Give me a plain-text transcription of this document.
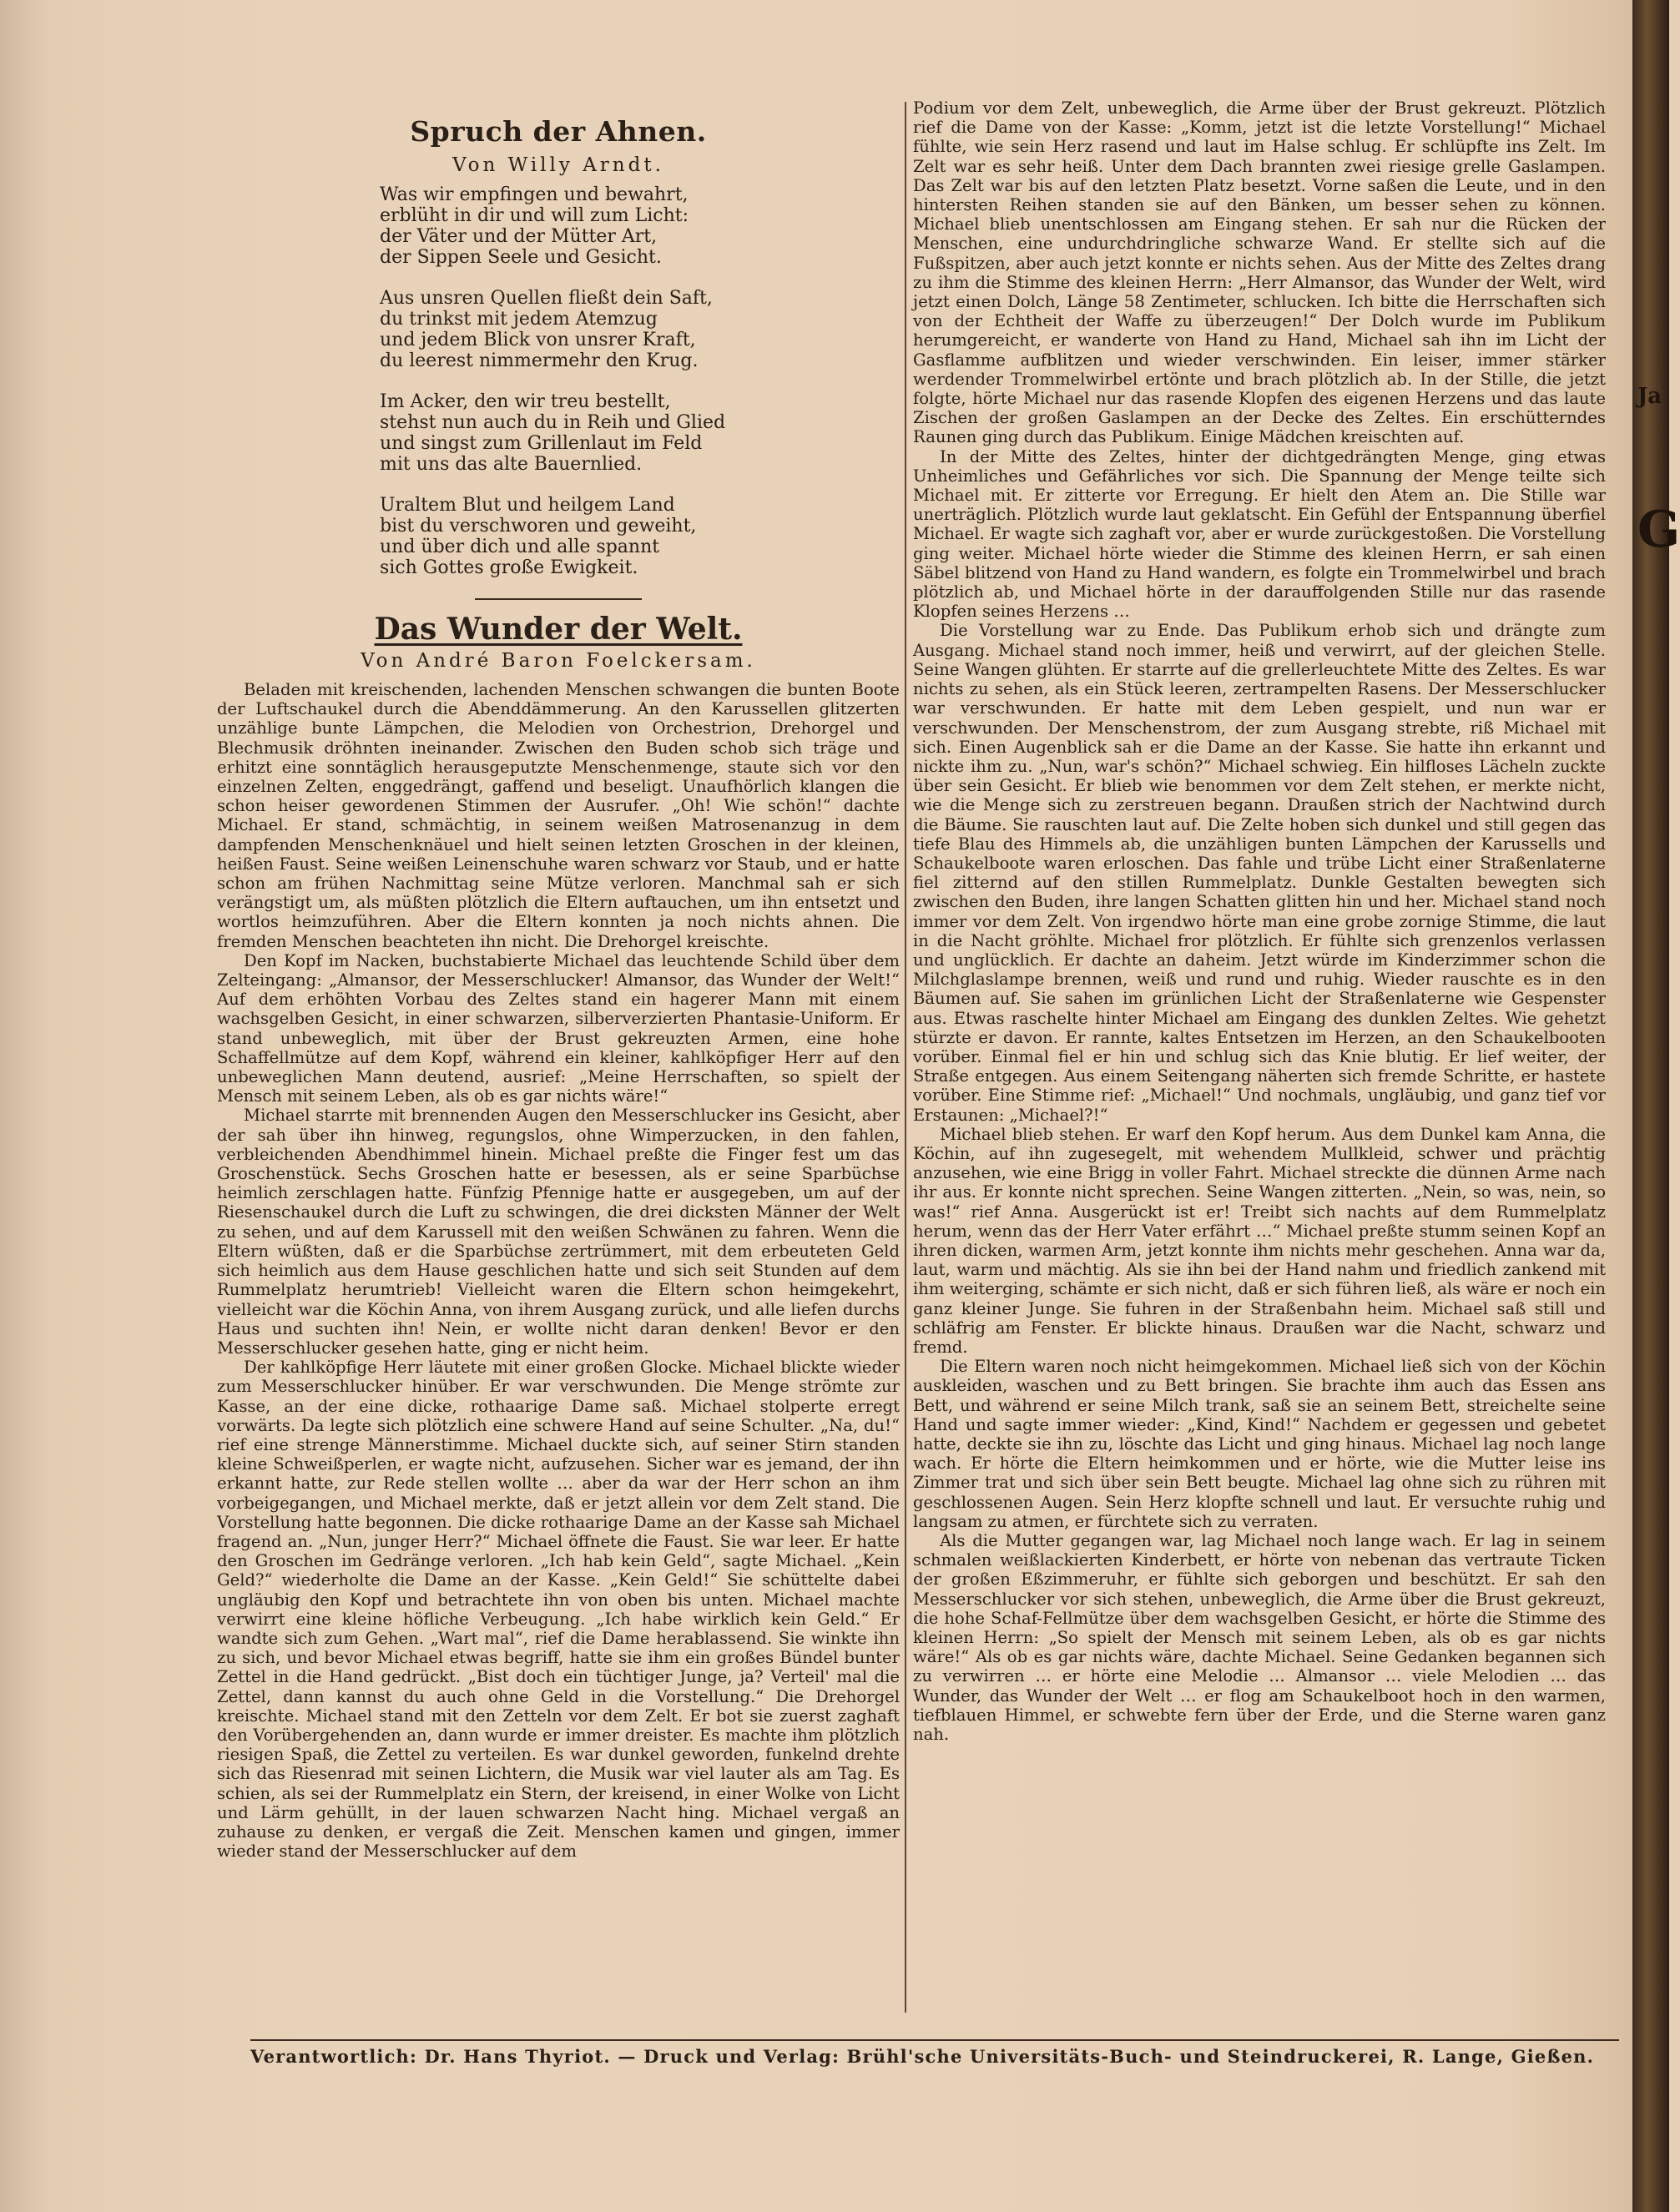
Spruch der Ahnen.
Von Willy Arndt.
Was wir empfingen und bewahrt,
erblüht in dir und will zum Licht:
der Väter und der Mütter Art,
der Sippen Seele und Gesicht.
Aus unsren Quellen fließt dein Saft,
du trinkst mit jedem Atemzug
und jedem Blick von unsrer Kraft,
du leerest nimmermehr den Krug.
Im Acker, den wir treu bestellt,
stehst nun auch du in Reih und Glied
und singst zum Grillenlaut im Feld
mit uns das alte Bauernlied.
Uraltem Blut und heilgem Land
bist du verschworen und geweiht,
und über dich und alle spannt
sich Gottes große Ewigkeit.
Das Wunder der Welt.
Von André Baron Foelckersam.

Beladen mit kreischenden, lachenden Menschen schwangen die bunten Boote der Luftschaukel durch die Abenddämmerung. An den Karussellen glitzerten unzählige bunte Lämpchen, die Melodien von Orchestrion, Drehorgel und Blechmusik dröhnten ineinander. Zwischen den Buden schob sich träge und erhitzt eine sonntäglich herausgeputzte Menschenmenge, staute sich vor den einzelnen Zelten, enggedrängt, gaffend und beseligt. Unaufhörlich klangen die schon heiser gewordenen Stimmen der Ausrufer. „Oh! Wie schön!“ dachte Michael. Er stand, schmächtig, in seinem weißen Matrosenanzug in dem dampfenden Menschenknäuel und hielt seinen letzten Groschen in der kleinen, heißen Faust. Seine weißen Leinenschuhe waren schwarz vor Staub, und er hatte schon am frühen Nachmittag seine Mütze verloren. Manchmal sah er sich verängstigt um, als müßten plötzlich die Eltern auftauchen, um ihn entsetzt und wortlos heimzuführen. Aber die Eltern konnten ja noch nichts ahnen. Die fremden Menschen beachteten ihn nicht. Die Drehorgel kreischte.

Den Kopf im Nacken, buchstabierte Michael das leuchtende Schild über dem Zelteingang: „Almansor, der Messerschlucker! Almansor, das Wunder der Welt!“ Auf dem erhöhten Vorbau des Zeltes stand ein hagerer Mann mit einem wachsgelben Gesicht, in einer schwarzen, silberverzierten Phantasie-Uniform. Er stand unbeweglich, mit über der Brust gekreuzten Armen, eine hohe Schaffellmütze auf dem Kopf, während ein kleiner, kahlköpfiger Herr auf den unbeweglichen Mann deutend, ausrief: „Meine Herrschaften, so spielt der Mensch mit seinem Leben, als ob es gar nichts wäre!“

Michael starrte mit brennenden Augen den Messerschlucker ins Gesicht, aber der sah über ihn hinweg, regungslos, ohne Wimperzucken, in den fahlen, verbleichenden Abendhimmel hinein. Michael preßte die Finger fest um das Groschenstück. Sechs Groschen hatte er besessen, als er seine Sparbüchse heimlich zerschlagen hatte. Fünfzig Pfennige hatte er ausgegeben, um auf der Riesenschaukel durch die Luft zu schwingen, die drei dicksten Männer der Welt zu sehen, und auf dem Karussell mit den weißen Schwänen zu fahren. Wenn die Eltern wüßten, daß er die Sparbüchse zertrümmert, mit dem erbeuteten Geld sich heimlich aus dem Hause geschlichen hatte und sich seit Stunden auf dem Rummelplatz herumtrieb! Vielleicht waren die Eltern schon heimgekehrt, vielleicht war die Köchin Anna, von ihrem Ausgang zurück, und alle liefen durchs Haus und suchten ihn! Nein, er wollte nicht daran denken! Bevor er den Messerschlucker gesehen hatte, ging er nicht heim.

Der kahlköpfige Herr läutete mit einer großen Glocke. Michael blickte wieder zum Messerschlucker hinüber. Er war verschwunden. Die Menge strömte zur Kasse, an der eine dicke, rothaarige Dame saß. Michael stolperte erregt vorwärts. Da legte sich plötzlich eine schwere Hand auf seine Schulter. „Na, du!“ rief eine strenge Männerstimme. Michael duckte sich, auf seiner Stirn standen kleine Schweißperlen, er wagte nicht, aufzusehen. Sicher war es jemand, der ihn erkannt hatte, zur Rede stellen wollte … aber da war der Herr schon an ihm vorbeigegangen, und Michael merkte, daß er jetzt allein vor dem Zelt stand. Die Vorstellung hatte begonnen. Die dicke rothaarige Dame an der Kasse sah Michael fragend an. „Nun, junger Herr?“ Michael öffnete die Faust. Sie war leer. Er hatte den Groschen im Gedränge verloren. „Ich hab kein Geld“, sagte Michael. „Kein Geld?“ wiederholte die Dame an der Kasse. „Kein Geld!“ Sie schüttelte dabei ungläubig den Kopf und betrachtete ihn von oben bis unten. Michael machte verwirrt eine kleine höfliche Verbeugung. „Ich habe wirklich kein Geld.“ Er wandte sich zum Gehen. „Wart mal“, rief die Dame herablassend. Sie winkte ihn zu sich, und bevor Michael etwas begriff, hatte sie ihm ein großes Bündel bunter Zettel in die Hand gedrückt. „Bist doch ein tüchtiger Junge, ja? Verteil' mal die Zettel, dann kannst du auch ohne Geld in die Vorstellung.“ Die Drehorgel kreischte. Michael stand mit den Zetteln vor dem Zelt. Er bot sie zuerst zaghaft den Vorübergehenden an, dann wurde er immer dreister. Es machte ihm plötzlich riesigen Spaß, die Zettel zu verteilen. Es war dunkel geworden, funkelnd drehte sich das Riesenrad mit seinen Lichtern, die Musik war viel lauter als am Tag. Es schien, als sei der Rummelplatz ein Stern, der kreisend, in einer Wolke von Licht und Lärm gehüllt, in der lauen schwarzen Nacht hing. Michael vergaß an zuhause zu denken, er vergaß die Zeit. Menschen kamen und gingen, immer wieder stand der Messerschlucker auf dem

Podium vor dem Zelt, unbeweglich, die Arme über der Brust gekreuzt. Plötzlich rief die Dame von der Kasse: „Komm, jetzt ist die letzte Vorstellung!“ Michael fühlte, wie sein Herz rasend und laut im Halse schlug. Er schlüpfte ins Zelt. Im Zelt war es sehr heiß. Unter dem Dach brannten zwei riesige grelle Gaslampen. Das Zelt war bis auf den letzten Platz besetzt. Vorne saßen die Leute, und in den hintersten Reihen standen sie auf den Bänken, um besser sehen zu können. Michael blieb unentschlossen am Eingang stehen. Er sah nur die Rücken der Menschen, eine undurchdringliche schwarze Wand. Er stellte sich auf die Fußspitzen, aber auch jetzt konnte er nichts sehen. Aus der Mitte des Zeltes drang zu ihm die Stimme des kleinen Herrn: „Herr Almansor, das Wunder der Welt, wird jetzt einen Dolch, Länge 58 Zentimeter, schlucken. Ich bitte die Herrschaften sich von der Echtheit der Waffe zu überzeugen!“ Der Dolch wurde im Publikum herumgereicht, er wanderte von Hand zu Hand, Michael sah ihn im Licht der Gasflamme aufblitzen und wieder verschwinden. Ein leiser, immer stärker werdender Trommelwirbel ertönte und brach plötzlich ab. In der Stille, die jetzt folgte, hörte Michael nur das rasende Klopfen des eigenen Herzens und das laute Zischen der großen Gaslampen an der Decke des Zeltes. Ein erschütterndes Raunen ging durch das Publikum. Einige Mädchen kreischten auf.

In der Mitte des Zeltes, hinter der dichtgedrängten Menge, ging etwas Unheimliches und Gefährliches vor sich. Die Spannung der Menge teilte sich Michael mit. Er zitterte vor Erregung. Er hielt den Atem an. Die Stille war unerträglich. Plötzlich wurde laut geklatscht. Ein Gefühl der Entspannung überfiel Michael. Er wagte sich zaghaft vor, aber er wurde zurückgestoßen. Die Vorstellung ging weiter. Michael hörte wieder die Stimme des kleinen Herrn, er sah einen Säbel blitzend von Hand zu Hand wandern, es folgte ein Trommelwirbel und brach plötzlich ab, und Michael hörte in der darauffolgenden Stille nur das rasende Klopfen seines Herzens …

Die Vorstellung war zu Ende. Das Publikum erhob sich und drängte zum Ausgang. Michael stand noch immer, heiß und verwirrt, auf der gleichen Stelle. Seine Wangen glühten. Er starrte auf die grellerleuchtete Mitte des Zeltes. Es war nichts zu sehen, als ein Stück leeren, zertrampelten Rasens. Der Messerschlucker war verschwunden. Er hatte mit dem Leben gespielt, und nun war er verschwunden. Der Menschenstrom, der zum Ausgang strebte, riß Michael mit sich. Einen Augenblick sah er die Dame an der Kasse. Sie hatte ihn erkannt und nickte ihm zu. „Nun, war's schön?“ Michael schwieg. Ein hilfloses Lächeln zuckte über sein Gesicht. Er blieb wie benommen vor dem Zelt stehen, er merkte nicht, wie die Menge sich zu zerstreuen begann. Draußen strich der Nachtwind durch die Bäume. Sie rauschten laut auf. Die Zelte hoben sich dunkel und still gegen das tiefe Blau des Himmels ab, die unzähligen bunten Lämpchen der Karussells und Schaukelboote waren erloschen. Das fahle und trübe Licht einer Straßenlaterne fiel zitternd auf den stillen Rummelplatz. Dunkle Gestalten bewegten sich zwischen den Buden, ihre langen Schatten glitten hin und her. Michael stand noch immer vor dem Zelt. Von irgendwo hörte man eine grobe zornige Stimme, die laut in die Nacht gröhlte. Michael fror plötzlich. Er fühlte sich grenzenlos verlassen und unglücklich. Er dachte an daheim. Jetzt würde im Kinderzimmer schon die Milchglaslampe brennen, weiß und rund und ruhig. Wieder rauschte es in den Bäumen auf. Sie sahen im grünlichen Licht der Straßenlaterne wie Gespenster aus. Etwas raschelte hinter Michael am Eingang des dunklen Zeltes. Wie gehetzt stürzte er davon. Er rannte, kaltes Entsetzen im Herzen, an den Schaukelbooten vorüber. Einmal fiel er hin und schlug sich das Knie blutig. Er lief weiter, der Straße entgegen. Aus einem Seitengang näherten sich fremde Schritte, er hastete vorüber. Eine Stimme rief: „Michael!“ Und nochmals, ungläubig, und ganz tief vor Erstaunen: „Michael?!“

Michael blieb stehen. Er warf den Kopf herum. Aus dem Dunkel kam Anna, die Köchin, auf ihn zugesegelt, mit wehendem Mullkleid, schwer und prächtig anzusehen, wie eine Brigg in voller Fahrt. Michael streckte die dünnen Arme nach ihr aus. Er konnte nicht sprechen. Seine Wangen zitterten. „Nein, so was, nein, so was!“ rief Anna. Ausgerückt ist er! Treibt sich nachts auf dem Rummelplatz herum, wenn das der Herr Vater erfährt …“ Michael preßte stumm seinen Kopf an ihren dicken, warmen Arm, jetzt konnte ihm nichts mehr geschehen. Anna war da, laut, warm und mächtig. Als sie ihn bei der Hand nahm und friedlich zankend mit ihm weiterging, schämte er sich nicht, daß er sich führen ließ, als wäre er noch ein ganz kleiner Junge. Sie fuhren in der Straßenbahn heim. Michael saß still und schläfrig am Fenster. Er blickte hinaus. Draußen war die Nacht, schwarz und fremd.

Die Eltern waren noch nicht heimgekommen. Michael ließ sich von der Köchin auskleiden, waschen und zu Bett bringen. Sie brachte ihm auch das Essen ans Bett, und während er seine Milch trank, saß sie an seinem Bett, streichelte seine Hand und sagte immer wieder: „Kind, Kind!“ Nachdem er gegessen und gebetet hatte, deckte sie ihn zu, löschte das Licht und ging hinaus. Michael lag noch lange wach. Er hörte die Eltern heimkommen und er hörte, wie die Mutter leise ins Zimmer trat und sich über sein Bett beugte. Michael lag ohne sich zu rühren mit geschlossenen Augen. Sein Herz klopfte schnell und laut. Er versuchte ruhig und langsam zu atmen, er fürchtete sich zu verraten.

Als die Mutter gegangen war, lag Michael noch lange wach. Er lag in seinem schmalen weißlackierten Kinderbett, er hörte von nebenan das vertraute Ticken der großen Eßzimmeruhr, er fühlte sich geborgen und beschützt. Er sah den Messerschlucker vor sich stehen, unbeweglich, die Arme über die Brust gekreuzt, die hohe Schaf-Fellmütze über dem wachsgelben Gesicht, er hörte die Stimme des kleinen Herrn: „So spielt der Mensch mit seinem Leben, als ob es gar nichts wäre!“ Als ob es gar nichts wäre, dachte Michael. Seine Gedanken begannen sich zu verwirren … er hörte eine Melodie … Almansor … viele Melodien … das Wunder, das Wunder der Welt … er flog am Schaukelboot hoch in den warmen, tiefblauen Himmel, er schwebte fern über der Erde, und die Sterne waren ganz nah.

Verantwortlich: Dr. Hans Thyriot. — Druck und Verlag: Brühl'sche Universitäts-Buch- und Steindruckerei, R. Lange, Gießen.
Ja
G
